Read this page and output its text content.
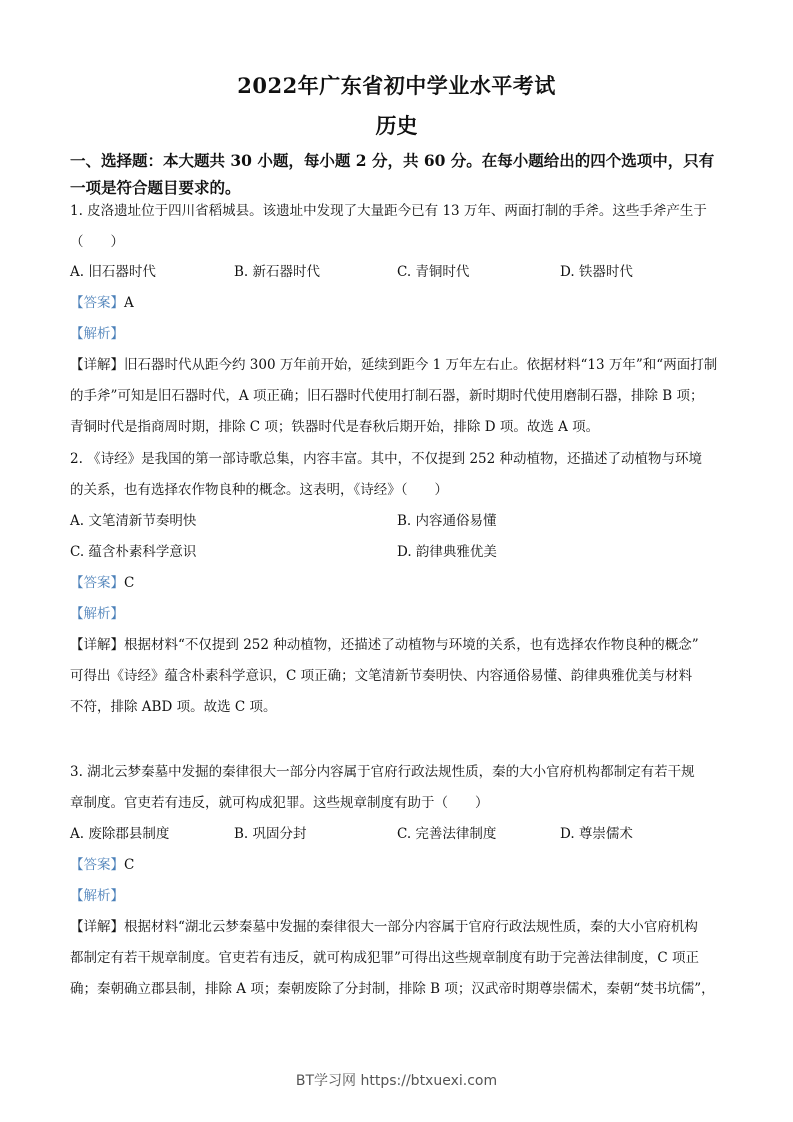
2022年广东省初中学业水平考试
历史
一、选择题：本大题共 30 小题，每小题 2 分，共 60 分。在每小题给出的四个选项中，只有
一项是符合题目要求的。
1. 皮洛遗址位于四川省稻城县。该遗址中发现了大量距今已有 13 万年、两面打制的手斧。这些手斧产生于
（　　）
A. 旧石器时代	B. 新石器时代	C. 青铜时代	D. 铁器时代
【答案】A
【解析】
【详解】旧石器时代从距今约 300 万年前开始，延续到距今 1 万年左右止。依据材料“13 万年”和“两面打制
的手斧”可知是旧石器时代，A 项正确；旧石器时代使用打制石器，新时期时代使用磨制石器，排除 B 项；
青铜时代是指商周时期，排除 C 项；铁器时代是春秋后期开始，排除 D 项。故选 A 项。
2. 《诗经》是我国的第一部诗歌总集，内容丰富。其中，不仅提到 252 种动植物，还描述了动植物与环境
的关系，也有选择农作物良种的概念。这表明，《诗经》（　　）
A. 文笔清新节奏明快	B. 内容通俗易懂
C. 蕴含朴素科学意识	D. 韵律典雅优美
【答案】C
【解析】
【详解】根据材料“不仅提到 252 种动植物，还描述了动植物与环境的关系，也有选择农作物良种的概念”
可得出《诗经》蕴含朴素科学意识，C 项正确；文笔清新节奏明快、内容通俗易懂、韵律典雅优美与材料
不符，排除 ABD 项。故选 C 项。
3. 湖北云梦秦墓中发掘的秦律很大一部分内容属于官府行政法规性质，秦的大小官府机构都制定有若干规
章制度。官吏若有违反，就可构成犯罪。这些规章制度有助于（　　）
A. 废除郡县制度	B. 巩固分封	C. 完善法律制度	D. 尊崇儒术
【答案】C
【解析】
【详解】根据材料“湖北云梦秦墓中发掘的秦律很大一部分内容属于官府行政法规性质，秦的大小官府机构
都制定有若干规章制度。官吏若有违反，就可构成犯罪”可得出这些规章制度有助于完善法律制度，C 项正
确；秦朝确立郡县制，排除 A 项；秦朝废除了分封制，排除 B 项；汉武帝时期尊崇儒术，秦朝“焚书坑儒”，
BT学习网 https://btxuexi.com
